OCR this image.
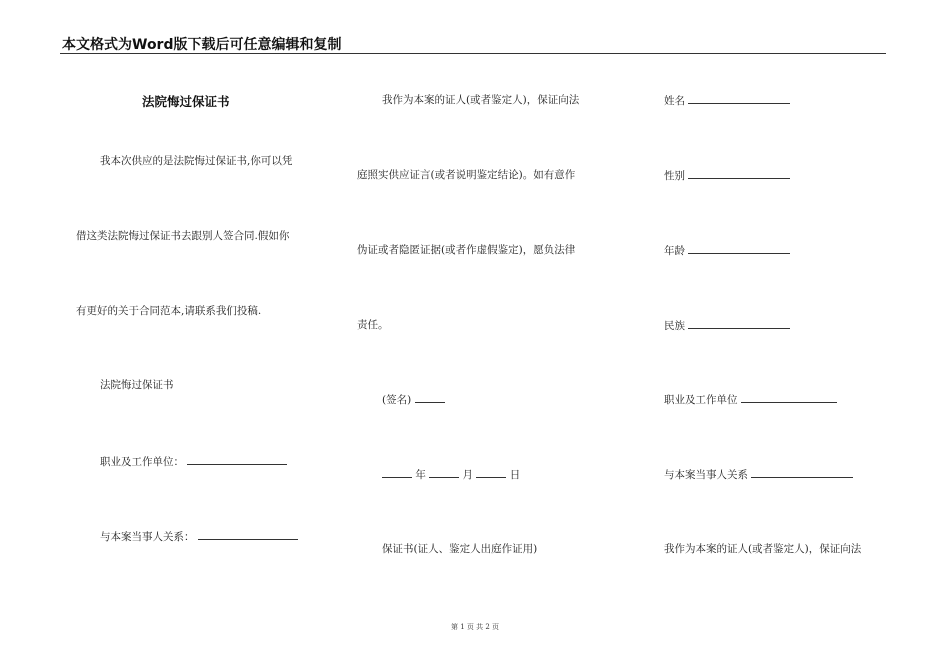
本文格式为Word版下载后可任意编辑和复制
法院悔过保证书
我本次供应的是法院悔过保证书,你可以凭
借这类法院悔过保证书去跟别人签合同.假如你
有更好的关于合同范本,请联系我们投稿.
法院悔过保证书
职业及工作单位：
与本案当事人关系：
我作为本案的证人(或者鉴定人)，保证向法
庭照实供应证言(或者说明鉴定结论)。如有意作
伪证或者隐匿证据(或者作虚假鉴定)，愿负法律
责任。
(签名)
年	月	日
保证书(证人、鉴定人出庭作证用)
姓名
性别
年龄
民族
职业及工作单位
与本案当事人关系
我作为本案的证人(或者鉴定人)，保证向法
第 1 页 共 2 页
